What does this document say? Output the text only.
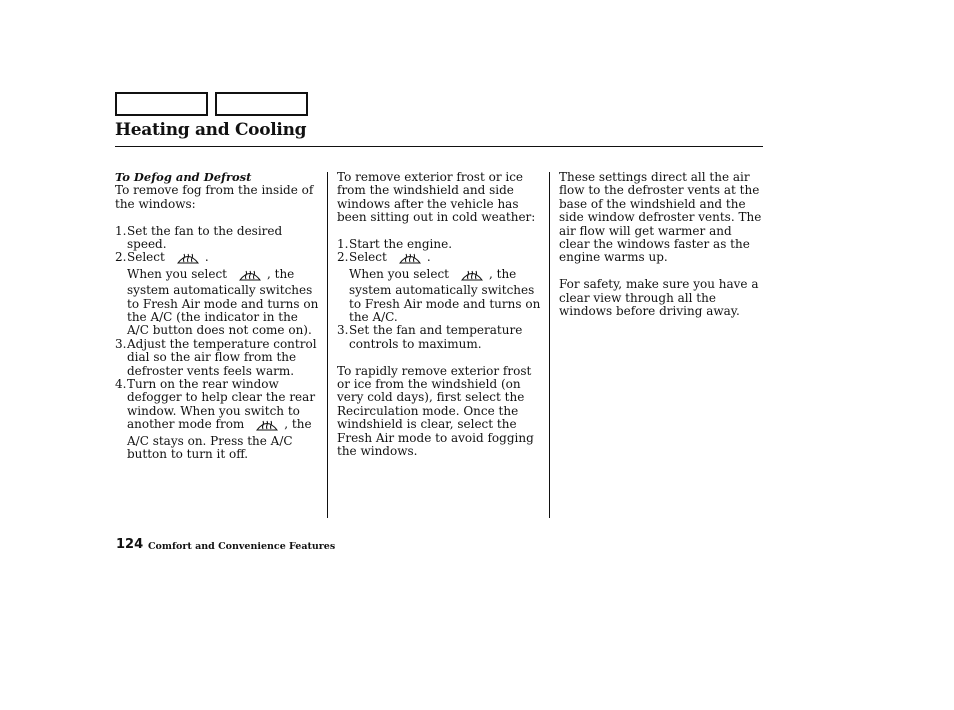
Heating and Cooling
To Defog and Defrost

To remove fog from the inside of the windows:

1. Set the fan to the desired speed.
2. Select	.
When you select	, the system automatically switches to Fresh Air mode and turns on the A/C (the indicator in the A/C button does not come on).
3. Adjust the temperature control dial so the air flow from the defroster vents feels warm.
4. Turn on the rear window defogger to help clear the rear window. When you switch to another mode from	, the A/C stays on. Press the A/C button to turn it off.

To remove exterior frost or ice from the windshield and side windows after the vehicle has been sitting out in cold weather:

1. Start the engine.
2. Select	.
When you select	, the system automatically switches to Fresh Air mode and turns on the A/C.
3. Set the fan and temperature controls to maximum.

To rapidly remove exterior frost or ice from the windshield (on very cold days), first select the Recirculation mode. Once the windshield is clear, select the Fresh Air mode to avoid fogging the windows.

These settings direct all the air flow to the defroster vents at the base of the windshield and the side window defroster vents. The air flow will get warmer and clear the windows faster as the engine warms up.

For safety, make sure you have a clear view through all the windows before driving away.

124 Comfort and Convenience Features
